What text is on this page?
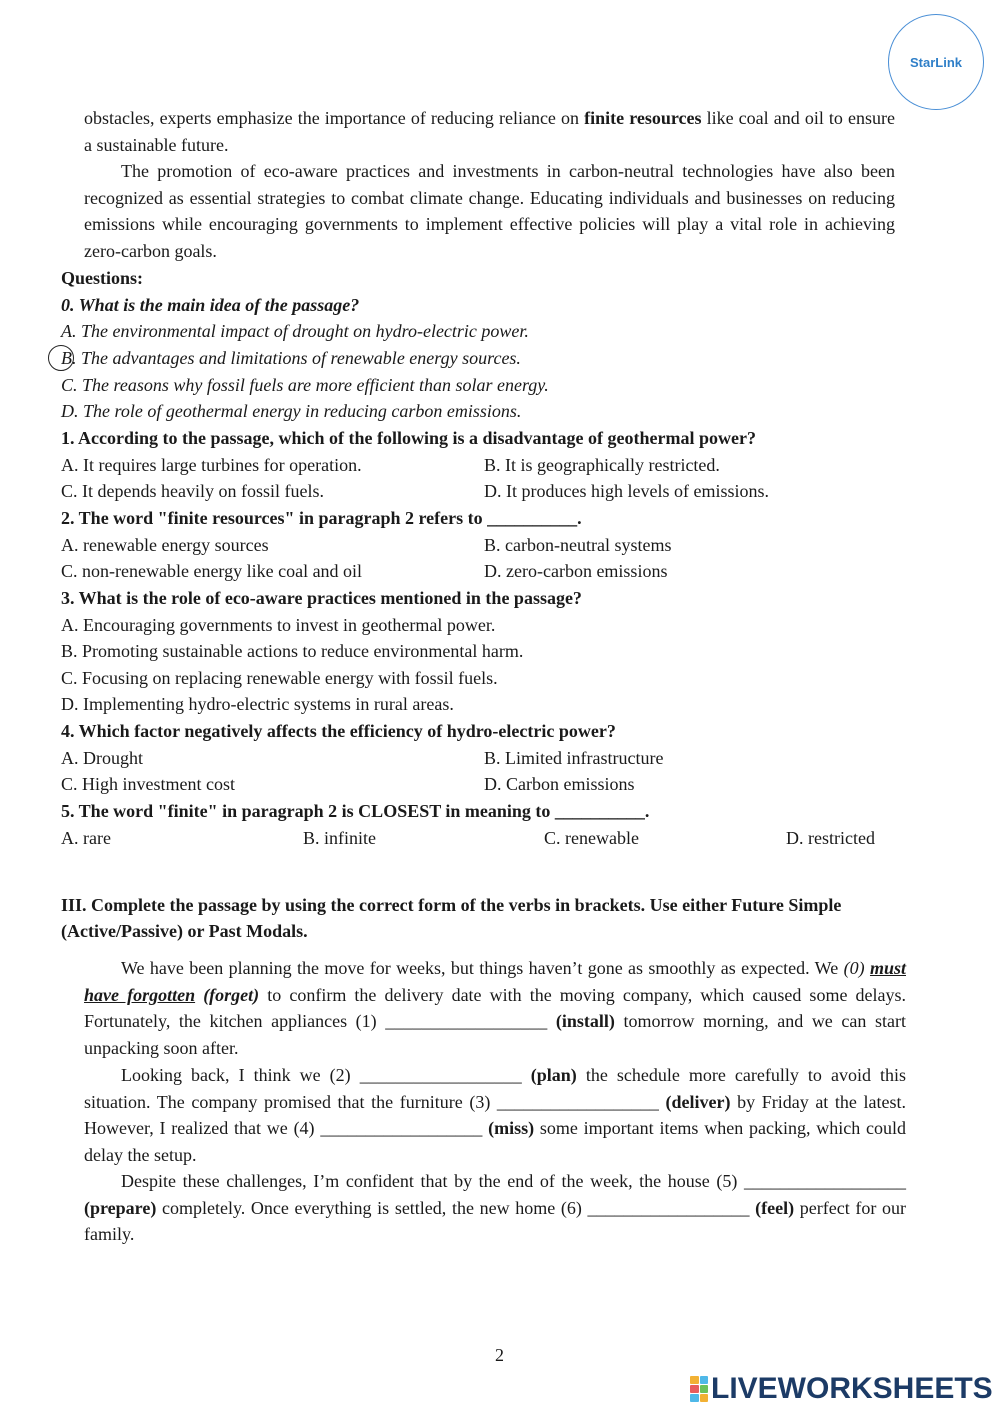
StarLink
obstacles, experts emphasize the importance of reducing reliance on finite resources like coal and oil to ensure a sustainable future.
The promotion of eco-aware practices and investments in carbon-neutral technologies have also been recognized as essential strategies to combat climate change. Educating individuals and businesses on reducing emissions while encouraging governments to implement effective policies will play a vital role in achieving zero-carbon goals.
Questions:
0. What is the main idea of the passage?
A. The environmental impact of drought on hydro-electric power.
B. The advantages and limitations of renewable energy sources.
C. The reasons why fossil fuels are more efficient than solar energy.
D. The role of geothermal energy in reducing carbon emissions.
1. According to the passage, which of the following is a disadvantage of geothermal power?
A. It requires large turbines for operation.	B. It is geographically restricted.
C. It depends heavily on fossil fuels.	D. It produces high levels of emissions.
2. The word "finite resources" in paragraph 2 refers to __________.
A. renewable energy sources	B. carbon-neutral systems
C. non-renewable energy like coal and oil	D. zero-carbon emissions
3. What is the role of eco-aware practices mentioned in the passage?
A. Encouraging governments to invest in geothermal power.
B. Promoting sustainable actions to reduce environmental harm.
C. Focusing on replacing renewable energy with fossil fuels.
D. Implementing hydro-electric systems in rural areas.
4. Which factor negatively affects the efficiency of hydro-electric power?
A. Drought	B. Limited infrastructure
C. High investment cost	D. Carbon emissions
5. The word "finite" in paragraph 2 is CLOSEST in meaning to __________.
A. rare	B. infinite	C. renewable	D. restricted
III. Complete the passage by using the correct form of the verbs in brackets. Use either Future Simple
(Active/Passive) or Past Modals.
We have been planning the move for weeks, but things haven’t gone as smoothly as expected. We (0) must have forgotten (forget) to confirm the delivery date with the moving company, which caused some delays. Fortunately, the kitchen appliances (1) __________________ (install) tomorrow morning, and we can start unpacking soon after.
Looking back, I think we (2) __________________ (plan) the schedule more carefully to avoid this situation. The company promised that the furniture (3) __________________ (deliver) by Friday at the latest. However, I realized that we (4) __________________ (miss) some important items when packing, which could delay the setup.
Despite these challenges, I’m confident that by the end of the week, the house (5) __________________ (prepare) completely. Once everything is settled, the new home (6) __________________ (feel) perfect for our family.
2
LIVEWORKSHEETS
